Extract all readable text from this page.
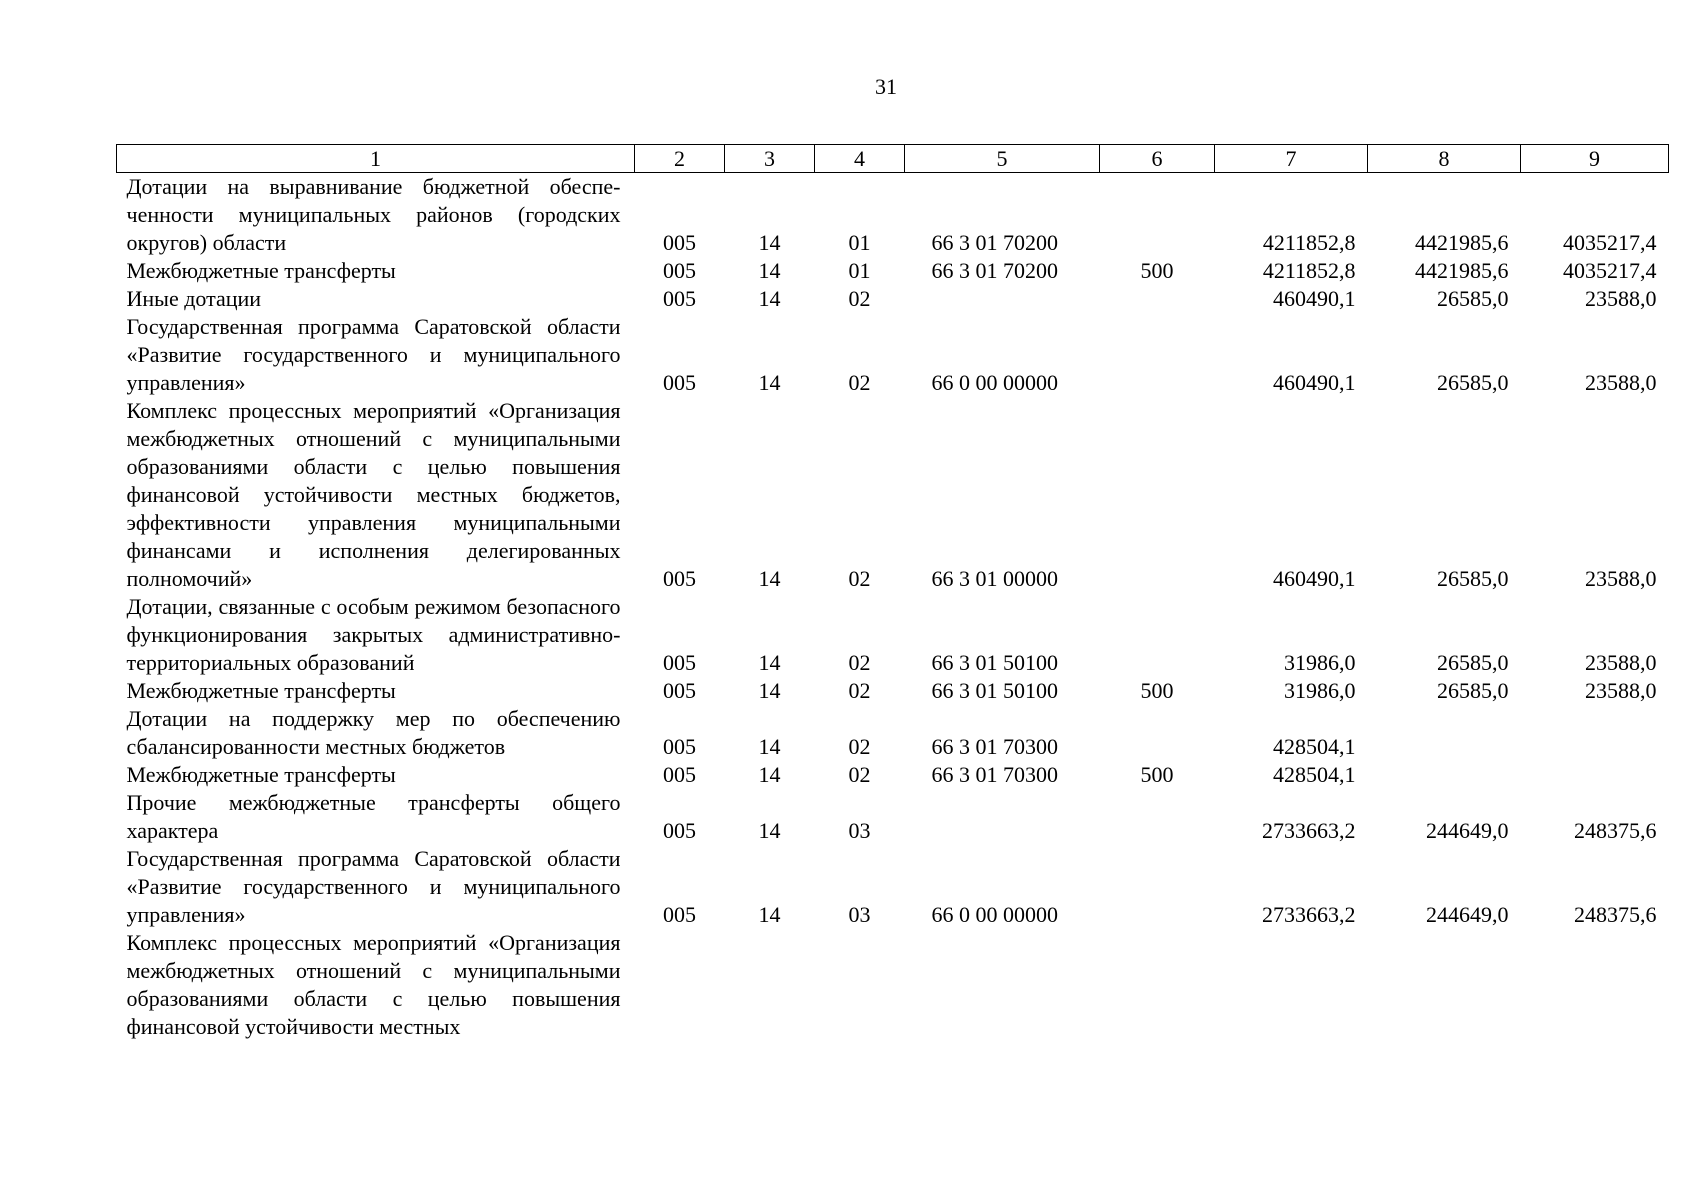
31
1	2	3	4	5	6	7	8	9
Дотации на выравнивание бюджетной обеспеченности муниципальных районов (городских округов) области	005	14	01	66 3 01 70200		4211852,8	4421985,6	4035217,4
Межбюджетные трансферты	005	14	01	66 3 01 70200	500	4211852,8	4421985,6	4035217,4
Иные дотации	005	14	02			460490,1	26585,0	23588,0
Государственная программа Саратовской области «Развитие государственного и муниципального управления»	005	14	02	66 0 00 00000		460490,1	26585,0	23588,0
Комплекс процессных мероприятий «Организация межбюджетных отношений с муниципальными образованиями области с целью повышения финансовой устойчивости местных бюджетов, эффективности управления муниципальными финансами и исполнения делегированных полномочий»	005	14	02	66 3 01 00000		460490,1	26585,0	23588,0
Дотации, связанные с особым режимом безопасного функционирования закрытых административно-территориальных образований	005	14	02	66 3 01 50100		31986,0	26585,0	23588,0
Межбюджетные трансферты	005	14	02	66 3 01 50100	500	31986,0	26585,0	23588,0
Дотации на поддержку мер по обеспечению сбалансированности местных бюджетов	005	14	02	66 3 01 70300		428504,1		
Межбюджетные трансферты	005	14	02	66 3 01 70300	500	428504,1		
Прочие межбюджетные трансферты общего характера	005	14	03			2733663,2	244649,0	248375,6
Государственная программа Саратовской области «Развитие государственного и муниципального управления»	005	14	03	66 0 00 00000		2733663,2	244649,0	248375,6
Комплекс процессных мероприятий «Организация межбюджетных отношений с муниципальными образованиями области с целью повышения финансовой устойчивости местных								
